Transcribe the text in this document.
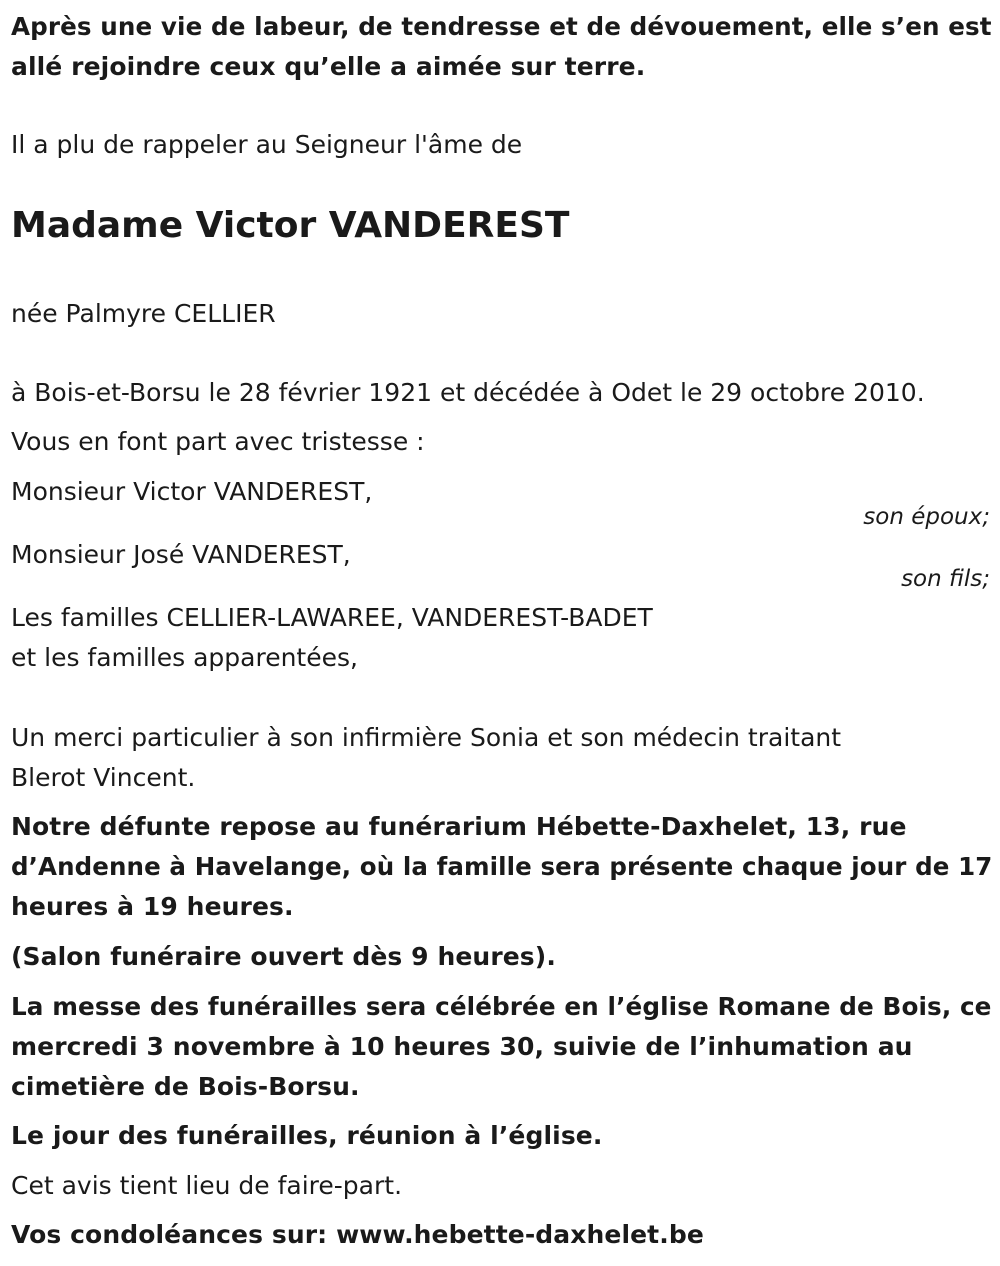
Après une vie de labeur, de tendresse et de dévouement, elle s’en est

allé rejoindre ceux qu’elle a aimée sur terre.

Il a plu de rappeler au Seigneur l'âme de

Madame Victor VANDEREST

née Palmyre CELLIER

à Bois-et-Borsu le 28 février 1921 et décédée à Odet le 29 octobre 2010.

Vous en font part avec tristesse :

Monsieur Victor VANDEREST,

son époux;

Monsieur José VANDEREST,

son fils;

Les familles CELLIER-LAWAREE, VANDEREST-BADET

et les familles apparentées,

Un merci particulier à son infirmière Sonia et son médecin traitant

Blerot Vincent.

Notre défunte repose au funérarium Hébette-Daxhelet, 13, rue

d’Andenne à Havelange, où la famille sera présente chaque jour de 17

heures à 19 heures.

(Salon funéraire ouvert dès 9 heures).

La messe des funérailles sera célébrée en l’église Romane de Bois, ce

mercredi 3 novembre à 10 heures 30, suivie de l’inhumation au

cimetière de Bois-Borsu.

Le jour des funérailles, réunion à l’église.

Cet avis tient lieu de faire-part.

Vos condoléances sur: www.hebette-daxhelet.be
